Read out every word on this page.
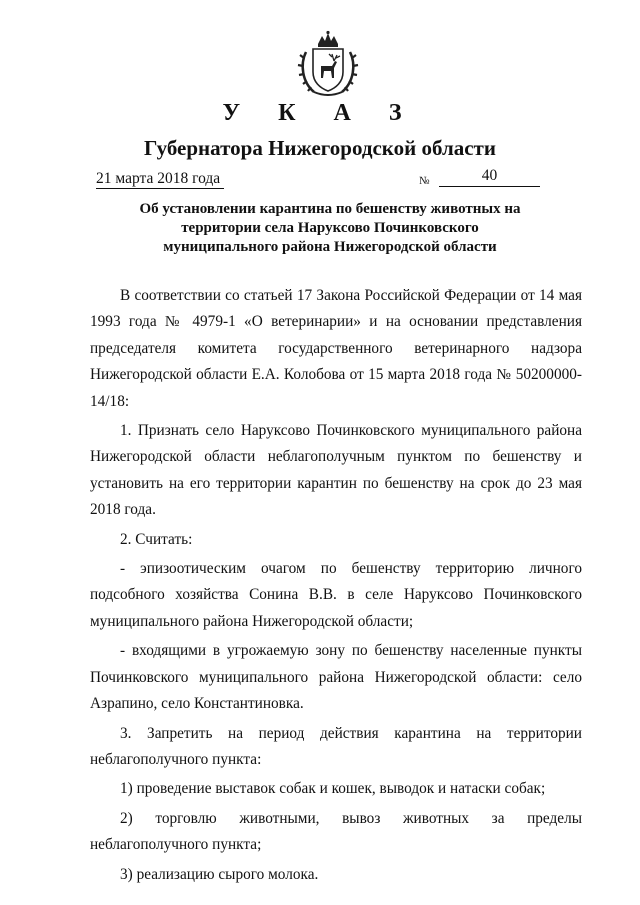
У К А З
Губернатора Нижегородской области
21 марта 2018 года	№	40
Об установлении карантина по бешенству животных на
территории села Наруксово Починковского
муниципального района Нижегородской области

В соответствии со статьей 17 Закона Российской Федерации от 14 мая 1993 года № 4979-1 «О ветеринарии» и на основании представления председателя комитета государственного ветеринарного надзора Нижегородской области Е.А. Колобова от 15 марта 2018 года № 50200000-14/18:

1. Признать село Наруксово Починковского муниципального района Нижегородской области неблагополучным пунктом по бешенству и установить на его территории карантин по бешенству на срок до 23 мая 2018 года.

2. Считать:

- эпизоотическим очагом по бешенству территорию личного подсобного хозяйства Сонина В.В. в селе Наруксово Починковского муниципального района Нижегородской области;

- входящими в угрожаемую зону по бешенству населенные пункты Починковского муниципального района Нижегородской области: село Азрапино, село Константиновка.

3. Запретить на период действия карантина на территории неблагополучного пункта:

1) проведение выставок собак и кошек, выводок и натаски собак;

2) торговлю животными, вывоз животных за пределы неблагополучного пункта;

3) реализацию сырого молока.
